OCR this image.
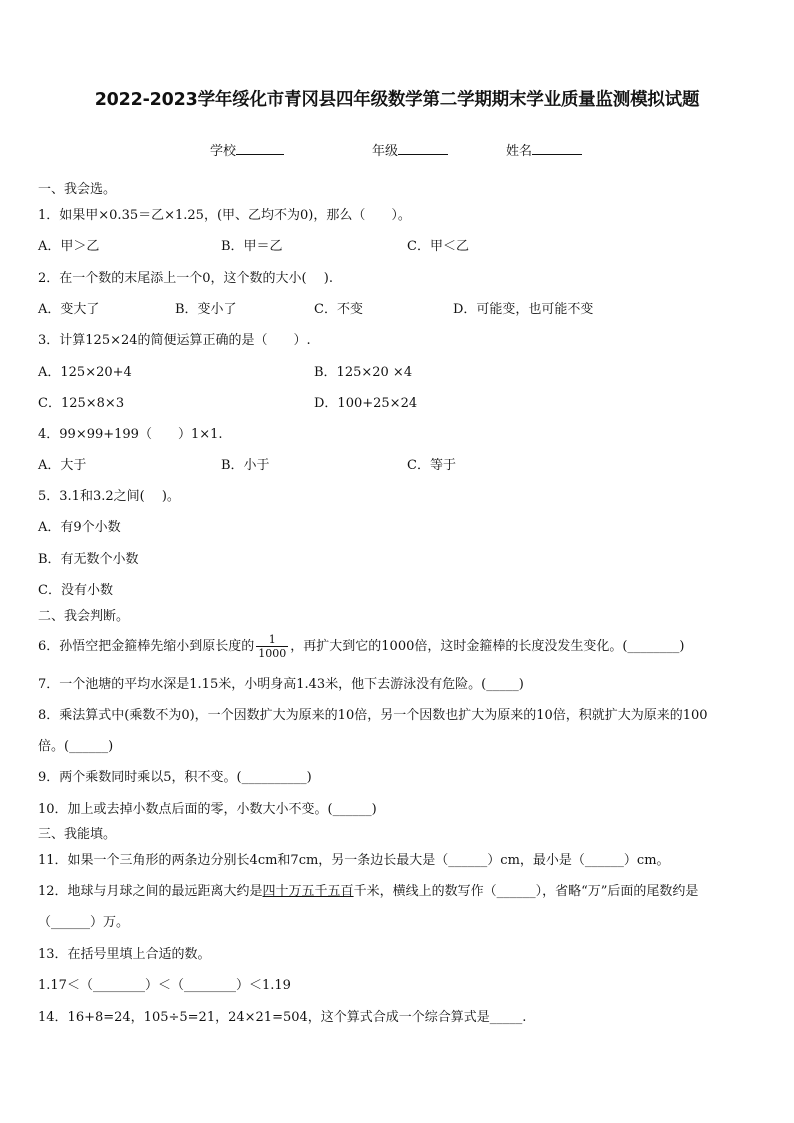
2022-2023学年绥化市青冈县四年级数学第二学期期末学业质量监测模拟试题
学校	年级	姓名
一、我会选。
1．如果甲×0.35＝乙×1.25，(甲、乙均不为0)，那么（　　）。
A．甲＞乙	B．甲＝乙	C．甲＜乙
2．在一个数的末尾添上一个0，这个数的大小(　 ).
A．变大了	B．变小了	C．不变	D．可能变，也可能不变
3．计算125×24的简便运算正确的是（　　）.
A．125×20+4	B．125×20 ×4
C．125×8×3	D．100+25×24
4．99×99+199（　　）1×1.
A．大于	B．小于	C．等于
5．3.1和3.2之间(　 )。
A．有9个小数
B．有无数个小数
C．没有小数
二、我会判断。
6．孙悟空把金箍棒先缩小到原长度的 $\frac{1}{1000}$ ，再扩大到它的1000倍，这时金箍棒的长度没发生变化。(________)
7．一个池塘的平均水深是1.15米，小明身高1.43米，他下去游泳没有危险。(_____)
8．乘法算式中(乘数不为0)，一个因数扩大为原来的10倍，另一个因数也扩大为原来的10倍，积就扩大为原来的100
倍。(______)
9．两个乘数同时乘以5，积不变。(__________)
10．加上或去掉小数点后面的零，小数大小不变。(______)
三、我能填。
11．如果一个三角形的两条边分别长4cm和7cm，另一条边长最大是（______）cm，最小是（______）cm。
12．地球与月球之间的最远距离大约是四十万五千五百千米，横线上的数写作（______），省略“万”后面的尾数约是
（______）万。
13．在括号里填上合适的数。
1.17＜（________）＜（________）＜1.19
14．16+8=24，105÷5=21，24×21=504，这个算式合成一个综合算式是_____.
